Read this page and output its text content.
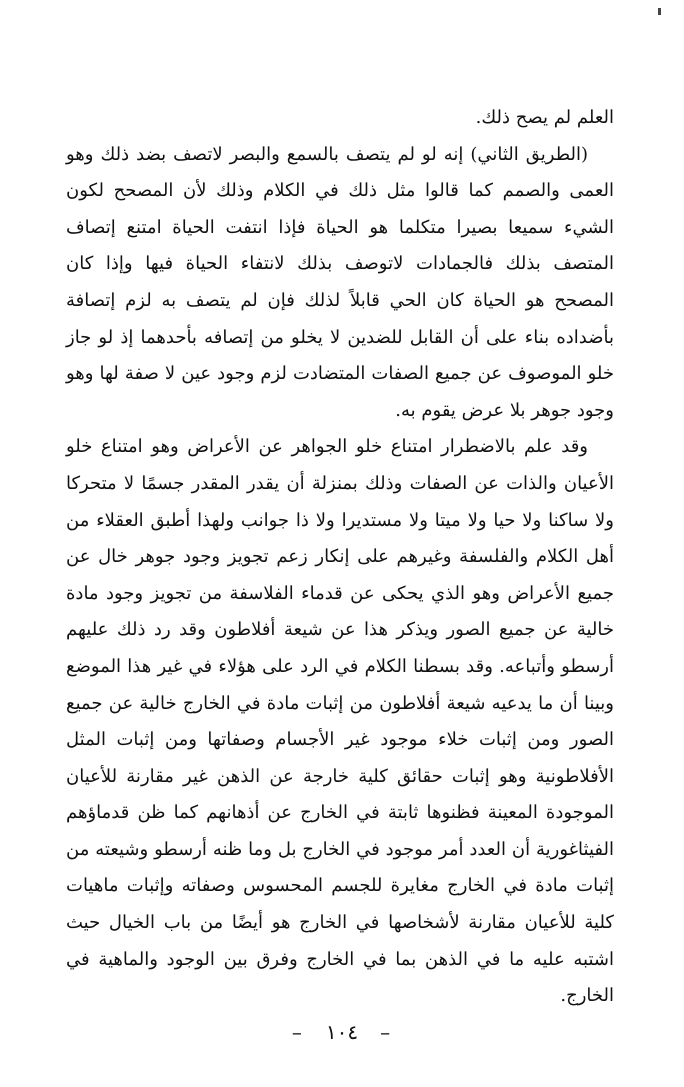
العلم لم يصح ذلك.

(الطريق الثاني) إنه لو لم يتصف بالسمع والبصر لاتصف بضد ذلك وهو العمى والصمم كما قالوا مثل ذلك في الكلام وذلك لأن المصحح لكون الشيء سميعا بصيرا متكلما هو الحياة فإذا انتفت الحياة امتنع إتصاف المتصف بذلك فالجمادات لاتوصف بذلك لانتفاء الحياة فيها وإذا كان المصحح هو الحياة كان الحي قابلاً لذلك فإن لم يتصف به لزم إتصافة بأضداده بناء على أن القابل للضدين لا يخلو من إتصافه بأحدهما إذ لو جاز خلو الموصوف عن جميع الصفات المتضادت لزم وجود عين لا صفة لها وهو وجود جوهر بلا عرض يقوم به.

وقد علم بالاضطرار امتناع خلو الجواهر عن الأعراض وهو امتناع خلو الأعيان والذات عن الصفات وذلك بمنزلة أن يقدر المقدر جسمًا لا متحركا ولا ساكنا ولا حيا ولا ميتا ولا مستديرا ولا ذا جوانب ولهذا أطبق العقلاء من أهل الكلام والفلسفة وغيرهم على إنكار زعم تجويز وجود جوهر خال عن جميع الأعراض وهو الذي يحكى عن قدماء الفلاسفة من تجويز وجود مادة خالية عن جميع الصور ويذكر هذا عن شيعة أفلاطون وقد رد ذلك عليهم أرسطو وأتباعه. وقد بسطنا الكلام في الرد على هؤلاء في غير هذا الموضع وبينا أن ما يدعيه شيعة أفلاطون من إثبات مادة في الخارج خالية عن جميع الصور ومن إثبات خلاء موجود غير الأجسام وصفاتها ومن إثبات المثل الأفلاطونية وهو إثبات حقائق كلية خارجة عن الذهن غير مقارنة للأعيان الموجودة المعينة فظنوها ثابتة في الخارج عن أذهانهم كما ظن قدماؤهم الفيثاغورية أن العدد أمر موجود في الخارج بل وما ظنه أرسطو وشيعته من إثبات مادة في الخارج مغايرة للجسم المحسوس وصفاته وإثبات ماهيات كلية للأعيان مقارنة لأشخاصها في الخارج هو أيضًا من باب الخيال حيث اشتبه عليه ما في الذهن بما في الخارج وفرق بين الوجود والماهية في الخارج.

–١٠٤–
